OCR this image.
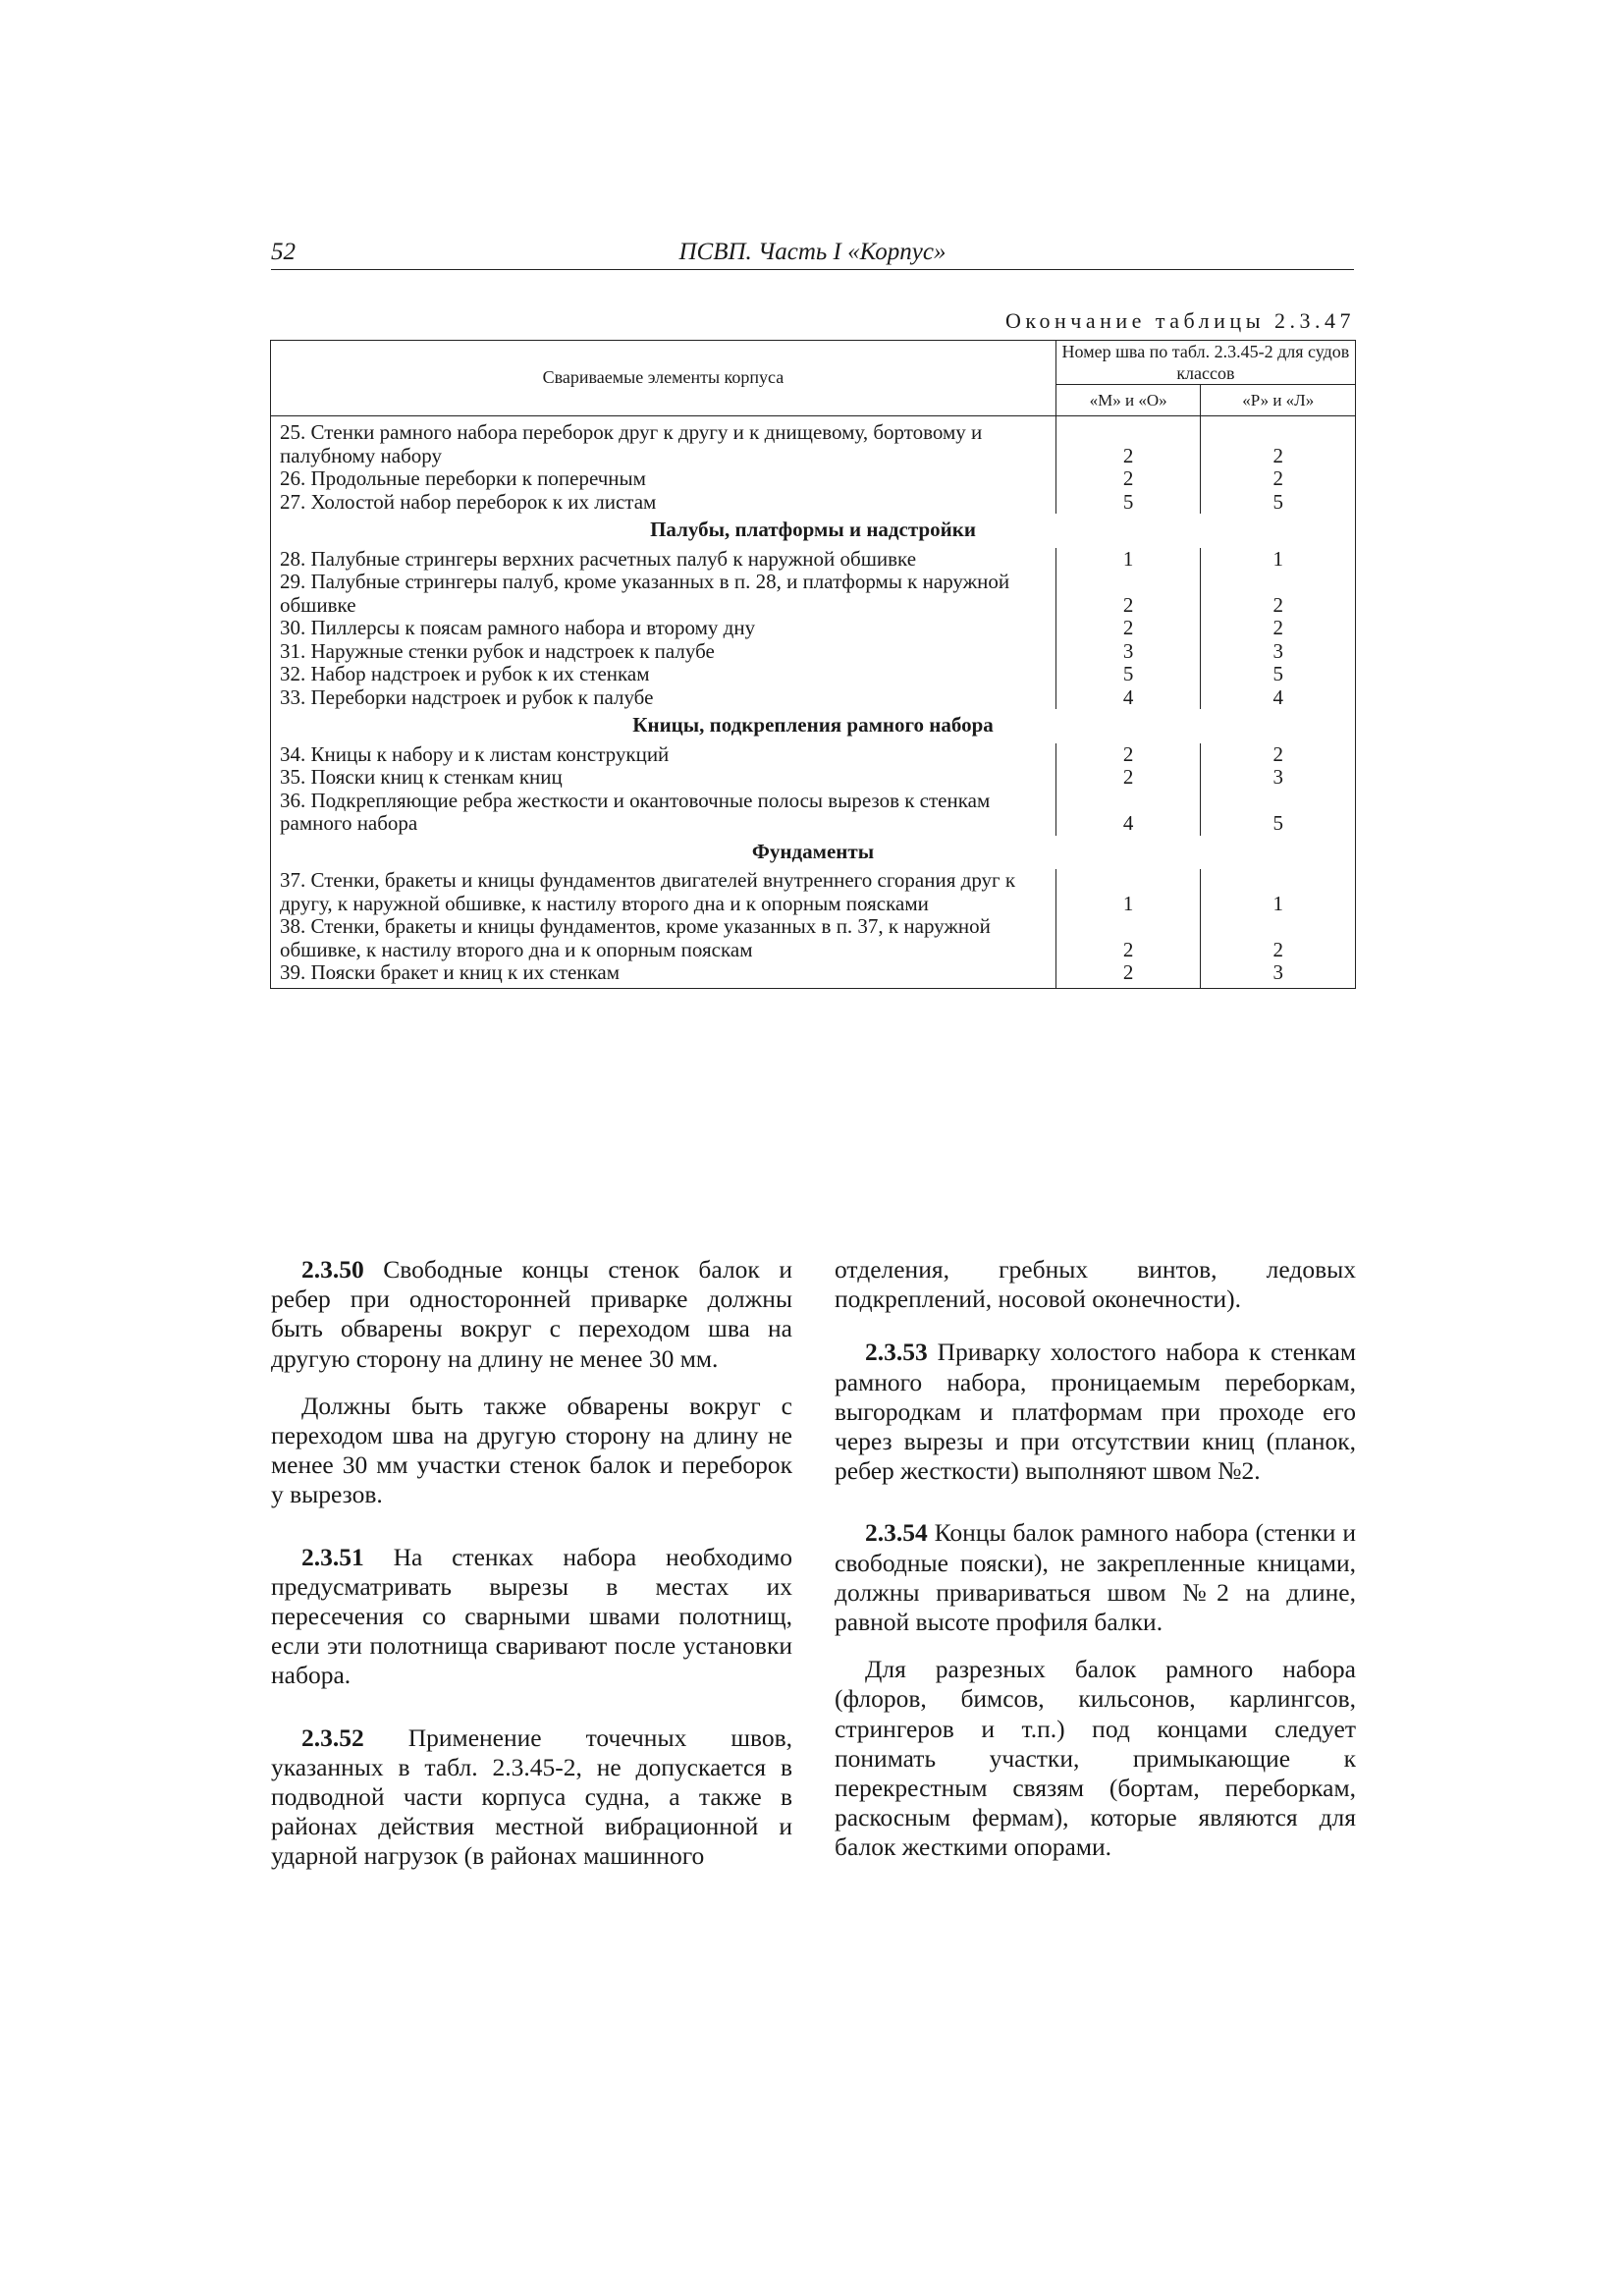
52	ПСВП. Часть I «Корпус»
Окончание таблицы 2.3.47
Свариваемые элементы корпуса	Номер шва по табл. 2.3.45-2 для судов классов	
	«М» и «О»	«Р» и «Л»
25. Стенки рамного набора переборок друг к другу и к днищевому, бортовому и палубному набору	2	2
26. Продольные переборки к поперечным	2	2
27. Холостой набор переборок к их листам	5	5
Палубы, платформы и надстройки		
28. Палубные стрингеры верхних расчетных палуб к наружной обшивке	1	1
29. Палубные стрингеры палуб, кроме указанных в п. 28, и платформы к наружной обшивке	2	2
30. Пиллерсы к поясам рамного набора и второму дну	2	2
31. Наружные стенки рубок и надстроек к палубе	3	3
32. Набор надстроек и рубок к их стенкам	5	5
33. Переборки надстроек и рубок к палубе	4	4
Кницы, подкрепления рамного набора		
34. Кницы к набору и к листам конструкций	2	2
35. Пояски книц к стенкам книц	2	3
36. Подкрепляющие ребра жесткости и окантовочные полосы вырезов к стенкам рамного набора	4	5
Фундаменты		
37. Стенки, бракеты и кницы фундаментов двигателей внутреннего сгорания друг к другу, к наружной обшивке, к настилу второго дна и к опорным поясками	1	1
38. Стенки, бракеты и кницы фундаментов, кроме указанных в п. 37, к наружной обшивке, к настилу второго дна и к опорным пояскам	2	2
39. Пояски бракет и книц к их стенкам	2	3

2.3.50 Свободные концы стенок балок и ребер при односторонней приварке должны быть обварены вокруг с переходом шва на другую сторону на длину не менее 30 мм.

Должны быть также обварены вокруг с переходом шва на другую сторону на длину не менее 30 мм участки стенок балок и переборок у вырезов.

2.3.51 На стенках набора необходимо предусматривать вырезы в местах их пересечения со сварными швами полотнищ, если эти полотнища сваривают после установки набора.

2.3.52 Применение точечных швов, указанных в табл. 2.3.45-2, не допускается в подводной части корпуса судна, а также в районах действия местной вибрационной и ударной нагрузок (в районах машинного

отделения, гребных винтов, ледовых подкреплений, носовой оконечности).

2.3.53 Приварку холостого набора к стенкам рамного набора, проницаемым переборкам, выгородкам и платформам при проходе его через вырезы и при отсутствии книц (планок, ребер жесткости) выполняют швом №2.

2.3.54 Концы балок рамного набора (стенки и свободные пояски), не закрепленные кницами, должны привариваться швом №2 на длине, равной высоте профиля балки.

Для разрезных балок рамного набора (флоров, бимсов, кильсонов, карлингсов, стрингеров и т.п.) под концами следует понимать участки, примыкающие к перекрестным связям (бортам, переборкам, раскосным фермам), которые являются для балок жесткими опорами.
